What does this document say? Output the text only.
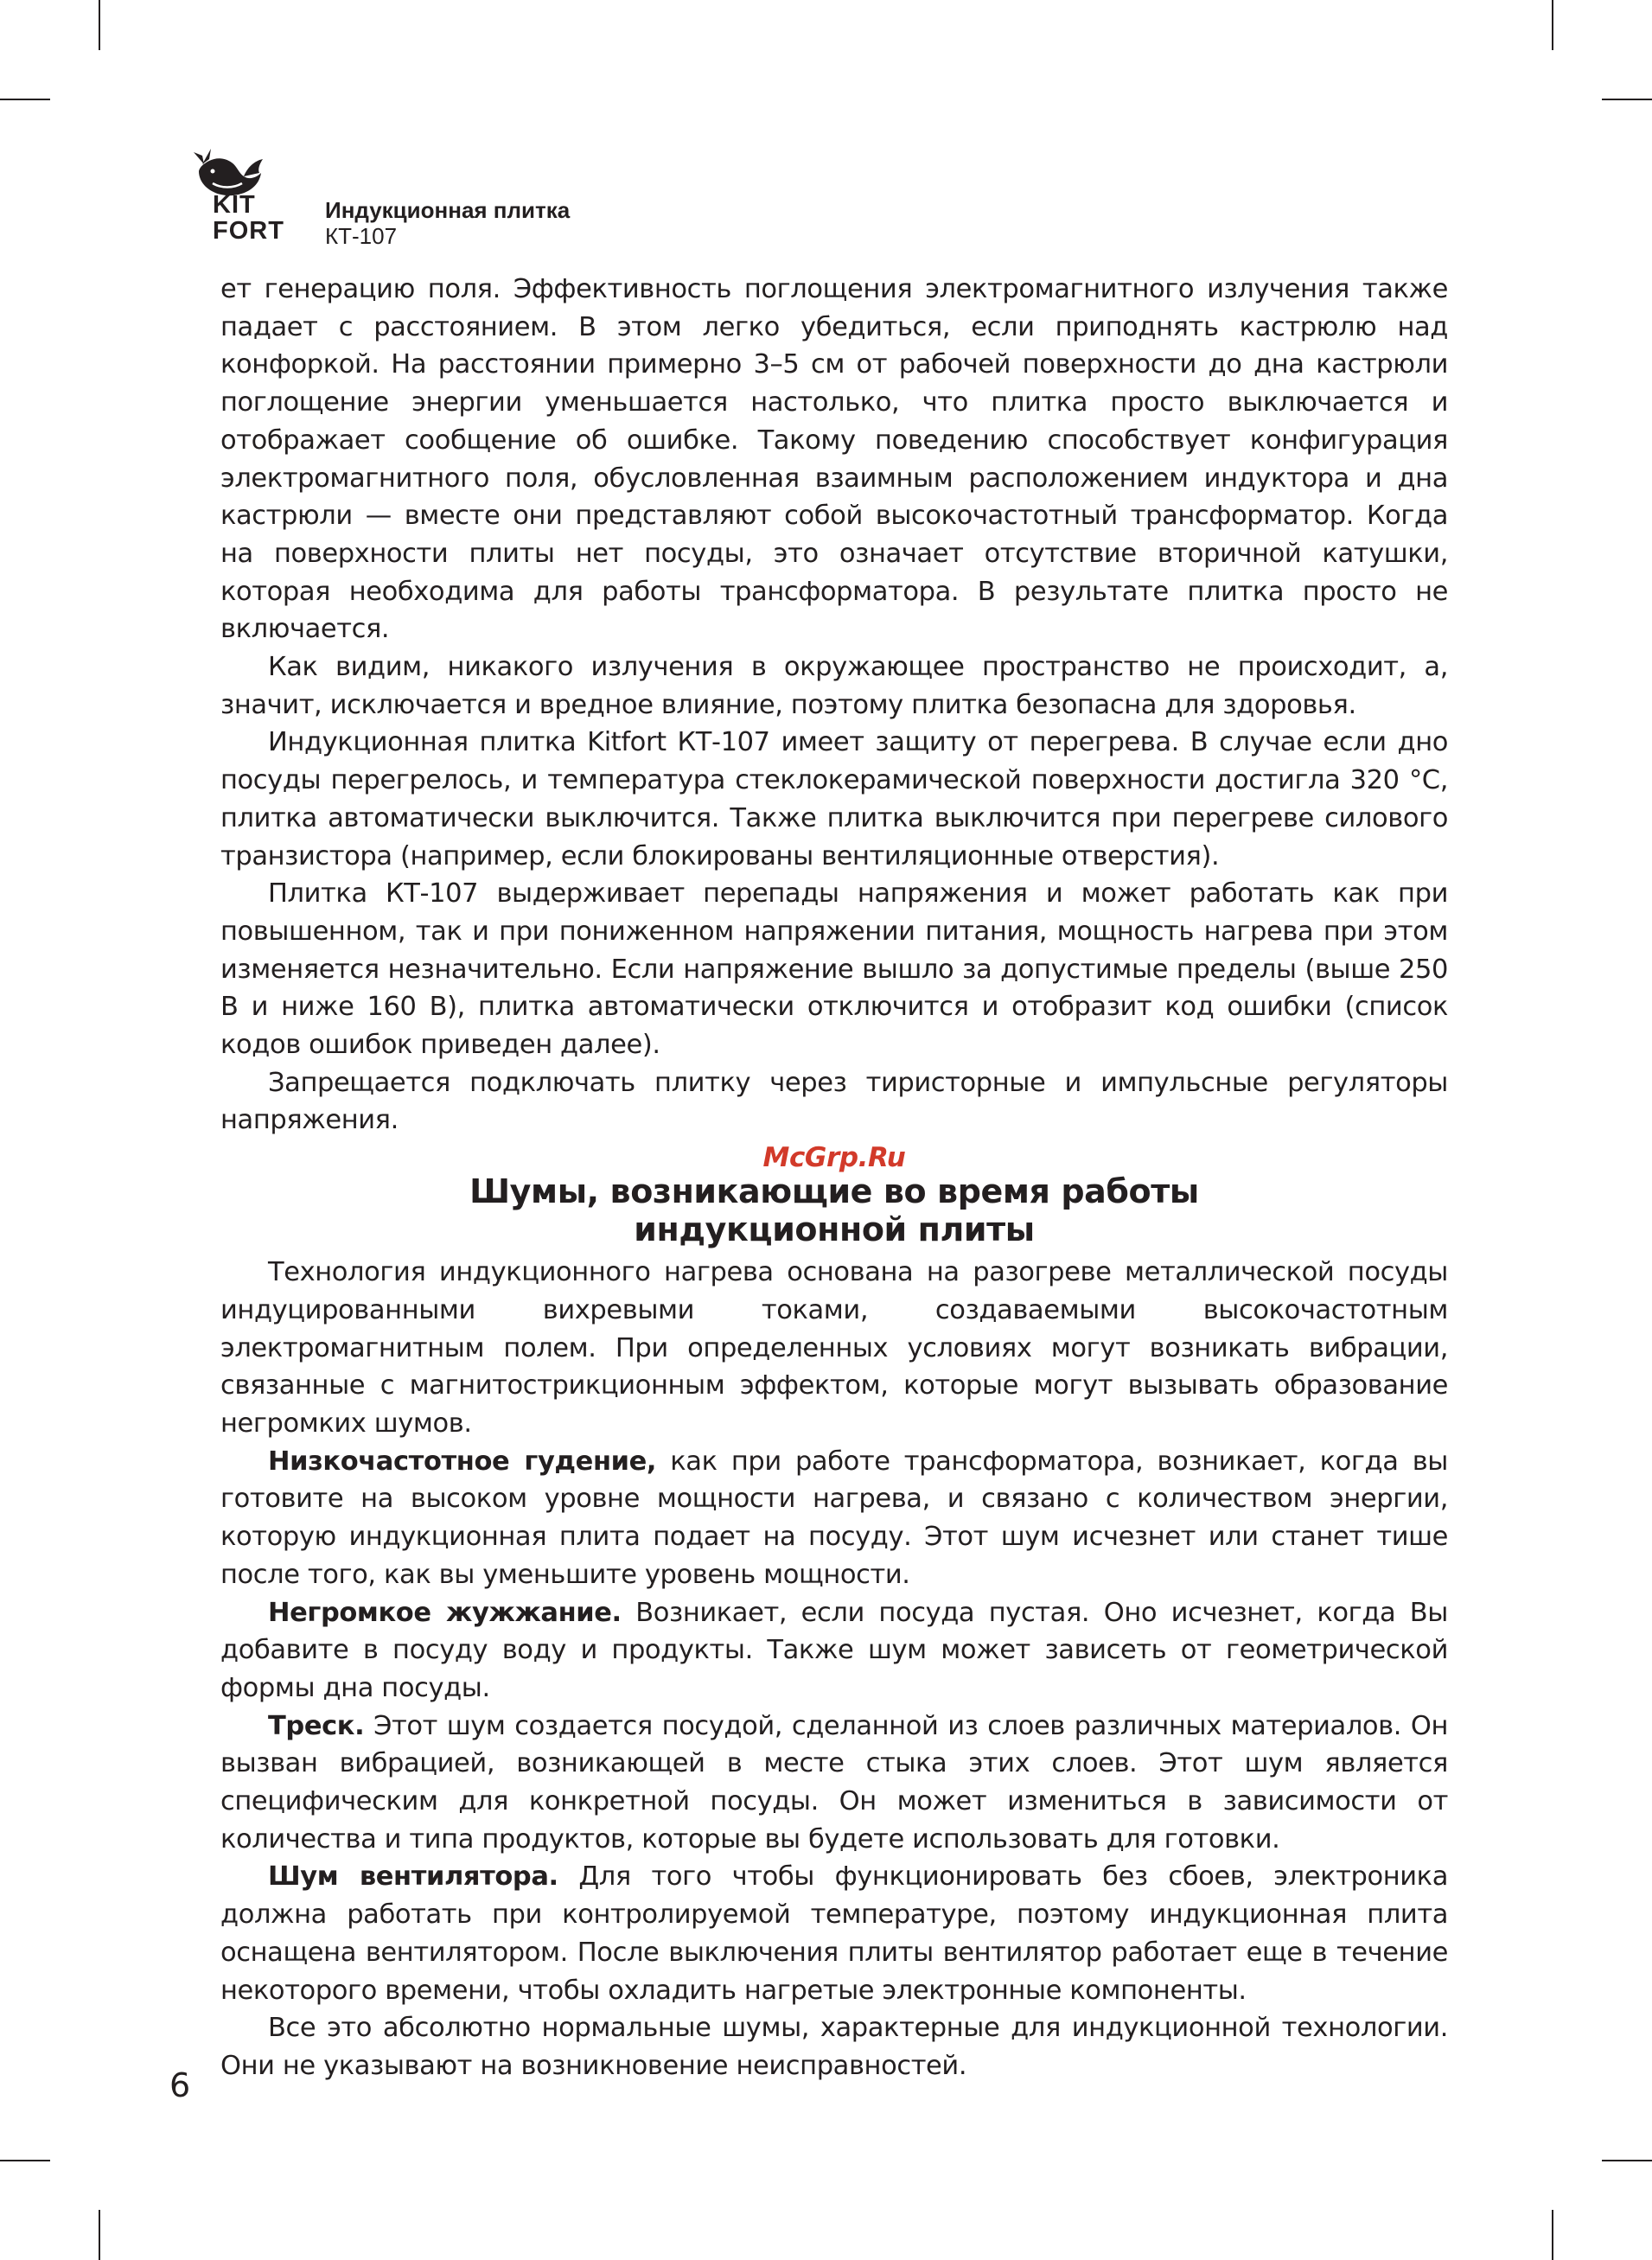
KIT
FORT
Индукционная плитка
КТ-107

ет генерацию поля. Эффективность поглощения электромагнитного излучения также падает с расстоянием. В этом легко убедиться, если приподнять кастрюлю над конфоркой. На расстоянии примерно 3–5 см от рабочей поверхности до дна кастрюли поглощение энергии уменьшается настолько, что плитка просто выключается и отображает сообщение об ошибке. Такому поведению способствует конфигурация электромагнитного поля, обусловленная взаимным расположением индуктора и дна кастрюли — вместе они представляют собой высокочастотный трансформатор. Когда на поверхности плиты нет посуды, это означает отсутствие вторичной катушки, которая необходима для работы трансформатора. В результате плитка просто не включается.

Как видим, никакого излучения в окружающее пространство не происходит, а, значит, исключается и вредное влияние, поэтому плитка безопасна для здоровья.

Индукционная плитка Kitfort КТ-107 имеет защиту от перегрева. В случае если дно посуды перегрелось, и температура стеклокерамической поверхности достигла 320 °С, плитка автоматически выключится. Также плитка выключится при перегреве силового транзистора (например, если блокированы вентиляционные отверстия).

Плитка КТ-107 выдерживает перепады напряжения и может работать как при повышенном, так и при пониженном напряжении питания, мощность нагрева при этом изменяется незначительно. Если напряжение вышло за допустимые пределы (выше 250 В и ниже 160 В), плитка автоматически отключится и отобразит код ошибки (список кодов ошибок приведен далее).

Запрещается подключать плитку через тиристорные и импульсные регуляторы напряжения.

McGrp.Ru
Шумы, возникающие во время работы
индукционной плиты

Технология индукционного нагрева основана на разогреве металлической посуды индуцированными вихревыми токами, создаваемыми высокочастотным электромагнитным полем. При определенных условиях могут возникать вибрации, связанные с магнитострикционным эффектом, которые могут вызывать образование негромких шумов.

Низкочастотное гудение, как при работе трансформатора, возникает, когда вы готовите на высоком уровне мощности нагрева, и связано с количеством энергии, которую индукционная плита подает на посуду. Этот шум исчезнет или станет тише после того, как вы уменьшите уровень мощности.

Негромкое жужжание. Возникает, если посуда пустая. Оно исчезнет, когда Вы добавите в посуду воду и продукты. Также шум может зависеть от геометрической формы дна посуды.

Треск. Этот шум создается посудой, сделанной из слоев различных материалов. Он вызван вибрацией, возникающей в месте стыка этих слоев. Этот шум является специфическим для конкретной посуды. Он может измениться в зависимости от количества и типа продуктов, которые вы будете использовать для готовки.

Шум вентилятора. Для того чтобы функционировать без сбоев, электроника должна работать при контролируемой температуре, поэтому индукционная плита оснащена вентилятором. После выключения плиты вентилятор работает еще в течение некоторого времени, чтобы охладить нагретые электронные компоненты.

Все это абсолютно нормальные шумы, характерные для индукционной технологии. Они не указывают на возникновение неисправностей.

6
